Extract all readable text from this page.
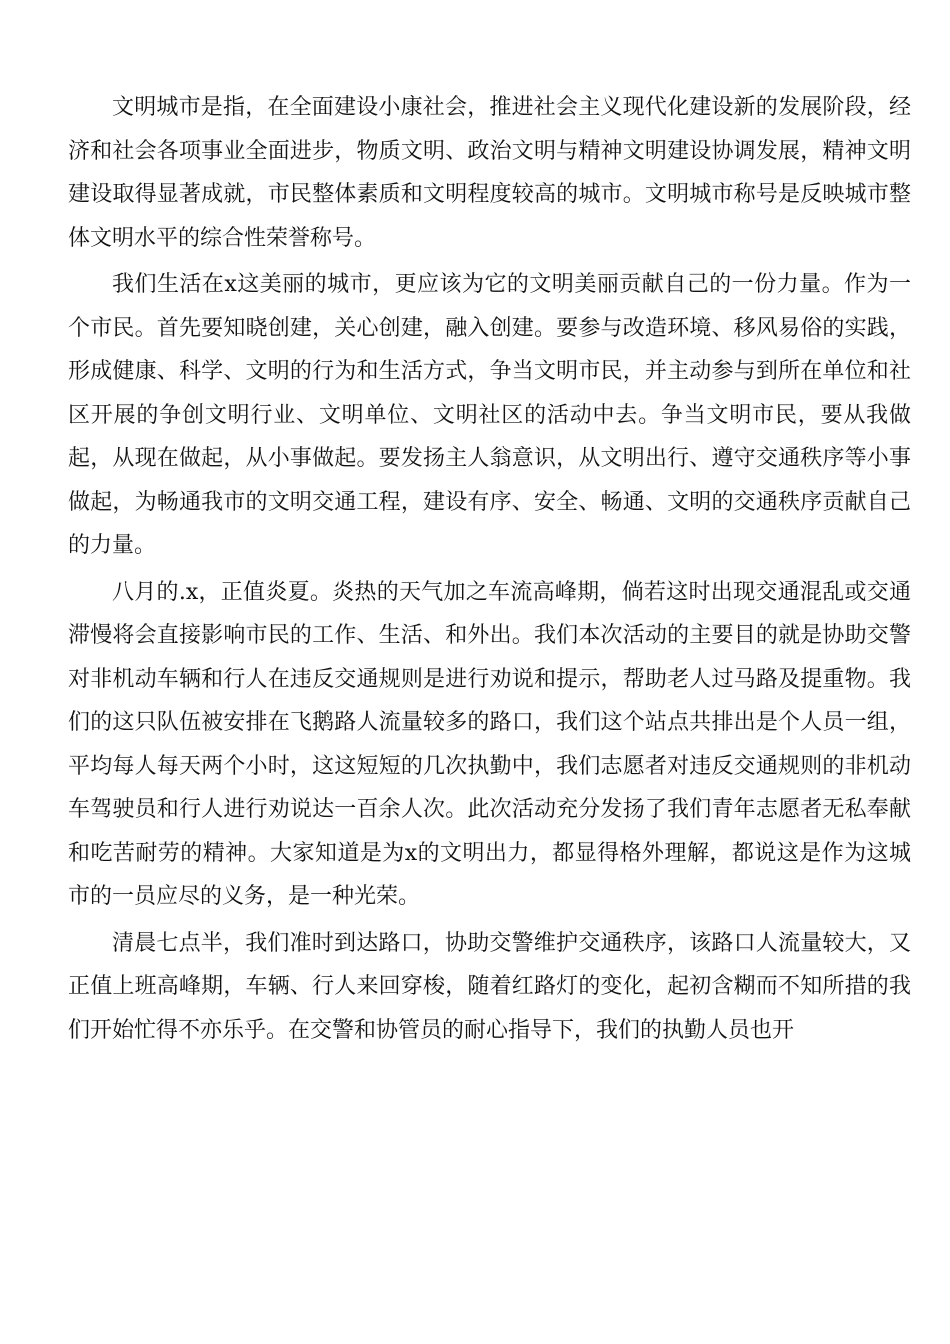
文明城市是指，在全面建设小康社会，推进社会主义现代化建设新的发展阶段，经济和社会各项事业全面进步，物质文明、政治文明与精神文明建设协调发展，精神文明建设取得显著成就，市民整体素质和文明程度较高的城市。文明城市称号是反映城市整体文明水平的综合性荣誉称号。

我们生活在x这美丽的城市，更应该为它的文明美丽贡献自己的一份力量。作为一个市民。首先要知晓创建，关心创建，融入创建。要参与改造环境、移风易俗的实践，形成健康、科学、文明的行为和生活方式，争当文明市民，并主动参与到所在单位和社区开展的争创文明行业、文明单位、文明社区的活动中去。争当文明市民，要从我做起，从现在做起，从小事做起。要发扬主人翁意识，从文明出行、遵守交通秩序等小事做起，为畅通我市的文明交通工程，建设有序、安全、畅通、文明的交通秩序贡献自己的力量。

八月的.x，正值炎夏。炎热的天气加之车流高峰期，倘若这时出现交通混乱或交通滞慢将会直接影响市民的工作、生活、和外出。我们本次活动的主要目的就是协助交警对非机动车辆和行人在违反交通规则是进行劝说和提示，帮助老人过马路及提重物。我们的这只队伍被安排在飞鹅路人流量较多的路口，我们这个站点共排出是个人员一组，平均每人每天两个小时，这这短短的几次执勤中，我们志愿者对违反交通规则的非机动车驾驶员和行人进行劝说达一百余人次。此次活动充分发扬了我们青年志愿者无私奉献和吃苦耐劳的精神。大家知道是为x的文明出力，都显得格外理解，都说这是作为这城市的一员应尽的义务，是一种光荣。

清晨七点半，我们准时到达路口，协助交警维护交通秩序，该路口人流量较大，又正值上班高峰期，车辆、行人来回穿梭，随着红路灯的变化，起初含糊而不知所措的我们开始忙得不亦乐乎。在交警和协管员的耐心指导下，我们的执勤人员也开
